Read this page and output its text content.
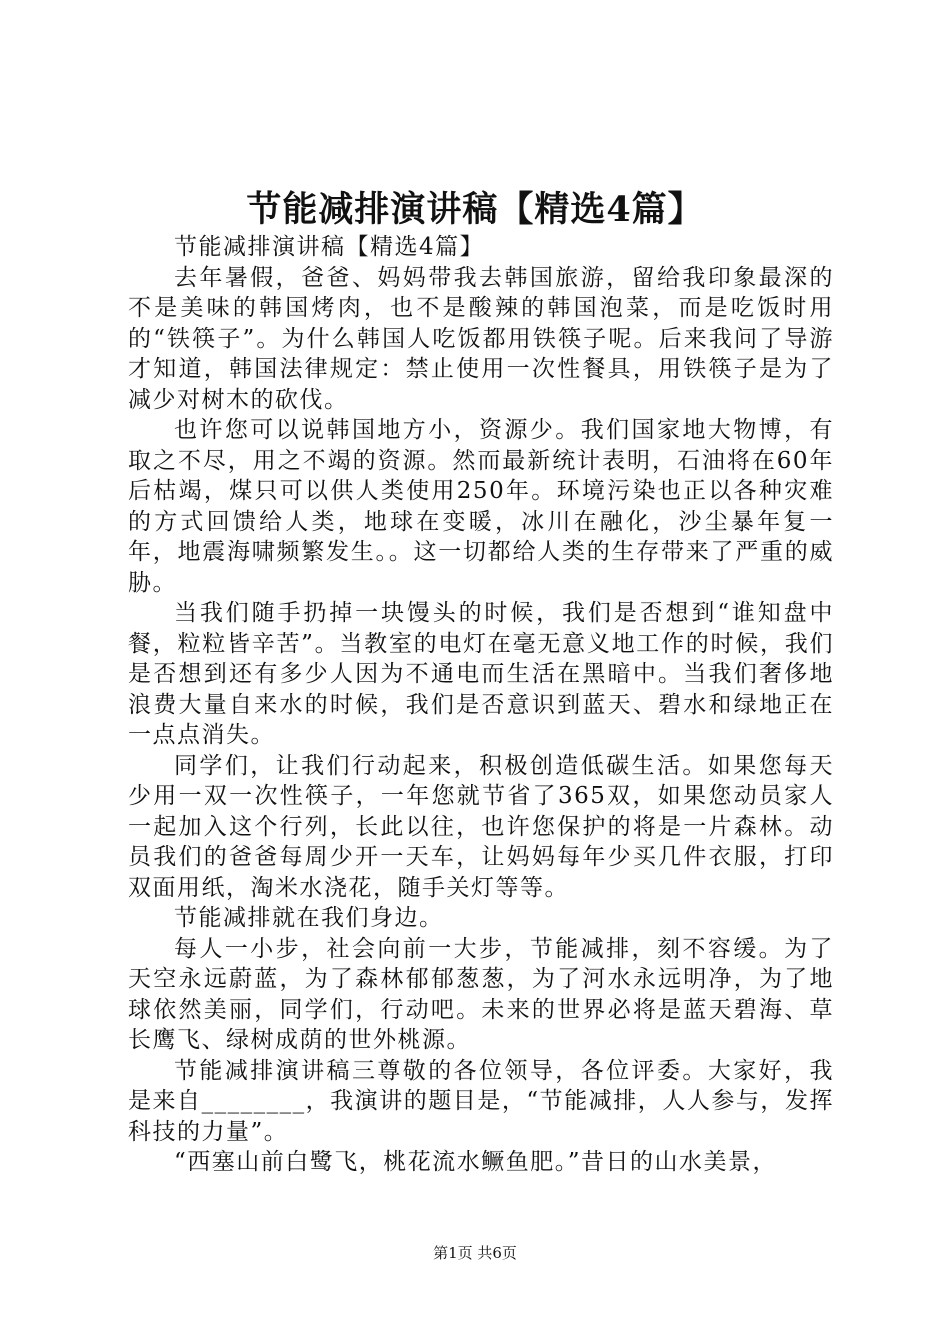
节能减排演讲稿【精选4篇】

节能减排演讲稿【精选4篇】

去年暑假，爸爸、妈妈带我去韩国旅游，留给我印象最深的不是美味的韩国烤肉，也不是酸辣的韩国泡菜，而是吃饭时用的“铁筷子”。为什么韩国人吃饭都用铁筷子呢。后来我问了导游才知道，韩国法律规定：禁止使用一次性餐具，用铁筷子是为了减少对树木的砍伐。

也许您可以说韩国地方小，资源少。我们国家地大物博，有取之不尽，用之不竭的资源。然而最新统计表明，石油将在60年后枯竭，煤只可以供人类使用250年。环境污染也正以各种灾难的方式回馈给人类，地球在变暖，冰川在融化，沙尘暴年复一年，地震海啸频繁发生。。这一切都给人类的生存带来了严重的威胁。

当我们随手扔掉一块馒头的时候，我们是否想到“谁知盘中餐，粒粒皆辛苦”。当教室的电灯在毫无意义地工作的时候，我们是否想到还有多少人因为不通电而生活在黑暗中。当我们奢侈地浪费大量自来水的时候，我们是否意识到蓝天、碧水和绿地正在一点点消失。

同学们，让我们行动起来，积极创造低碳生活。如果您每天少用一双一次性筷子，一年您就节省了365双，如果您动员家人一起加入这个行列，长此以往，也许您保护的将是一片森林。动员我们的爸爸每周少开一天车，让妈妈每年少买几件衣服，打印双面用纸，淘米水浇花，随手关灯等等。

节能减排就在我们身边。

每人一小步，社会向前一大步，节能减排，刻不容缓。为了天空永远蔚蓝，为了森林郁郁葱葱，为了河水永远明净，为了地球依然美丽，同学们，行动吧。未来的世界必将是蓝天碧海、草长鹰飞、绿树成荫的世外桃源。

节能减排演讲稿三尊敬的各位领导，各位评委。大家好，我是来自________，我演讲的题目是，“节能减排，人人参与，发挥科技的力量”。

“西塞山前白鹭飞，桃花流水鳜鱼肥。”昔日的山水美景，

第1页 共6页
